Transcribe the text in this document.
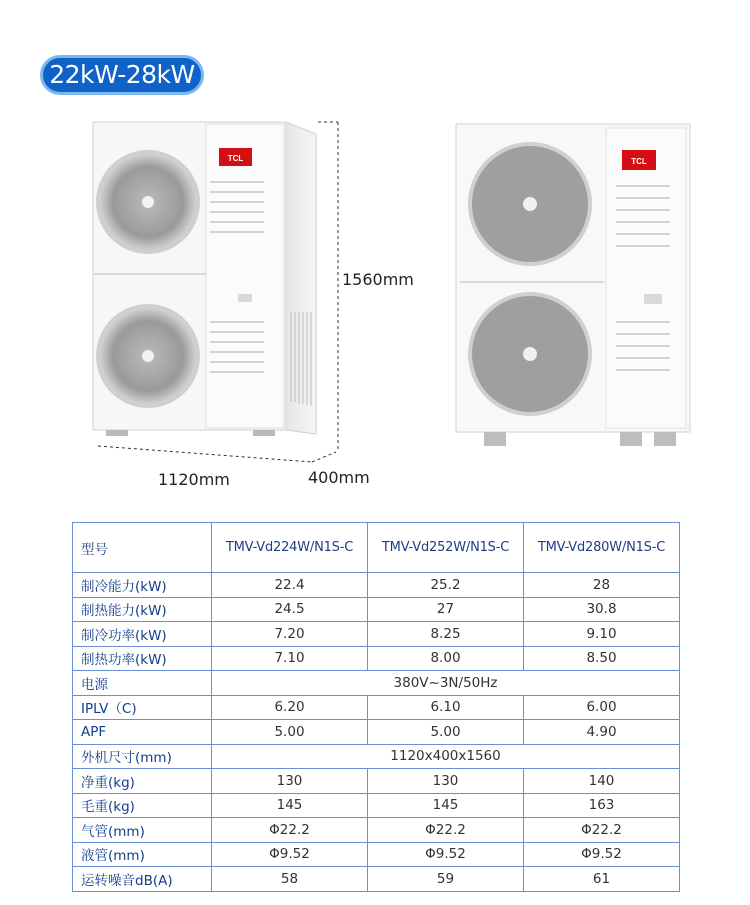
22kW-28kW
TCL	TCL
1560mm
1120mm	400mm
型号	TMV-Vd224W/N1S-C	TMV-Vd252W/N1S-C	TMV-Vd280W/N1S-C
制冷能力(kW)	22.4	25.2	28
制热能力(kW)	24.5	27	30.8
制冷功率(kW)	7.20	8.25	9.10
制热功率(kW)	7.10	8.00	8.50
电源	380V~3N/50Hz		
IPLV（C)	6.20	6.10	6.00
APF	5.00	5.00	4.90
外机尺寸(mm)	1120x400x1560		
净重(kg)	130	130	140
毛重(kg)	145	145	163
气管(mm)	Φ22.2	Φ22.2	Φ22.2
液管(mm)	Φ9.52	Φ9.52	Φ9.52
运转噪音dB(A)	58	59	61
